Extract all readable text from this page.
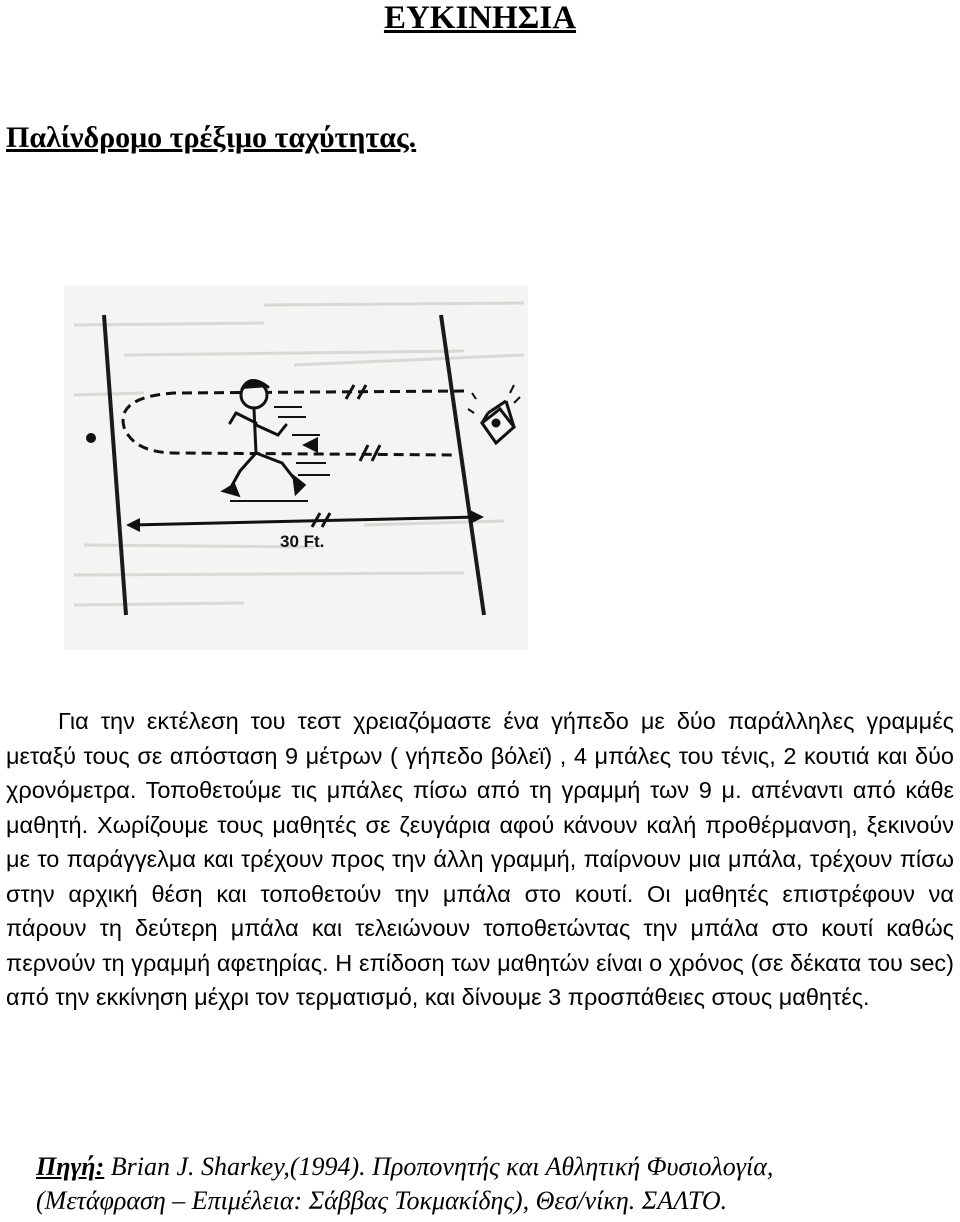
ΕΥΚΙΝΗΣΙΑ
Παλίνδρομο τρέξιμο ταχύτητας.
30 Ft.

Για την εκτέλεση του τεστ χρειαζόμαστε ένα γήπεδο με δύο παράλληλες γραμμές μεταξύ τους σε απόσταση 9 μέτρων ( γήπεδο βόλεϊ) , 4 μπάλες του τένις, 2 κουτιά και δύο χρονόμετρα. Τοποθετούμε τις μπάλες πίσω από τη γραμμή των 9 μ. απέναντι από κάθε μαθητή. Χωρίζουμε τους μαθητές σε ζευγάρια αφού κάνουν καλή προθέρμανση, ξεκινούν με το παράγγελμα και τρέχουν προς την άλλη γραμμή, παίρνουν μια μπάλα, τρέχουν πίσω στην αρχική θέση και τοποθετούν την μπάλα στο κουτί. Οι μαθητές επιστρέφουν να πάρουν τη δεύτερη μπάλα και τελειώνουν τοποθετώντας την μπάλα στο κουτί καθώς περνούν τη γραμμή αφετηρίας. Η επίδοση των μαθητών είναι ο χρόνος (σε δέκατα του sec) από την εκκίνηση μέχρι τον τερματισμό, και δίνουμε 3 προσπάθειες στους μαθητές.

Πηγή: Brian J. Sharkey,(1994). Προπονητής και Αθλητική Φυσιολογία,
(Μετάφραση – Επιμέλεια: Σάββας Τοκμακίδης), Θεσ/νίκη. ΣΑΛΤΟ.
